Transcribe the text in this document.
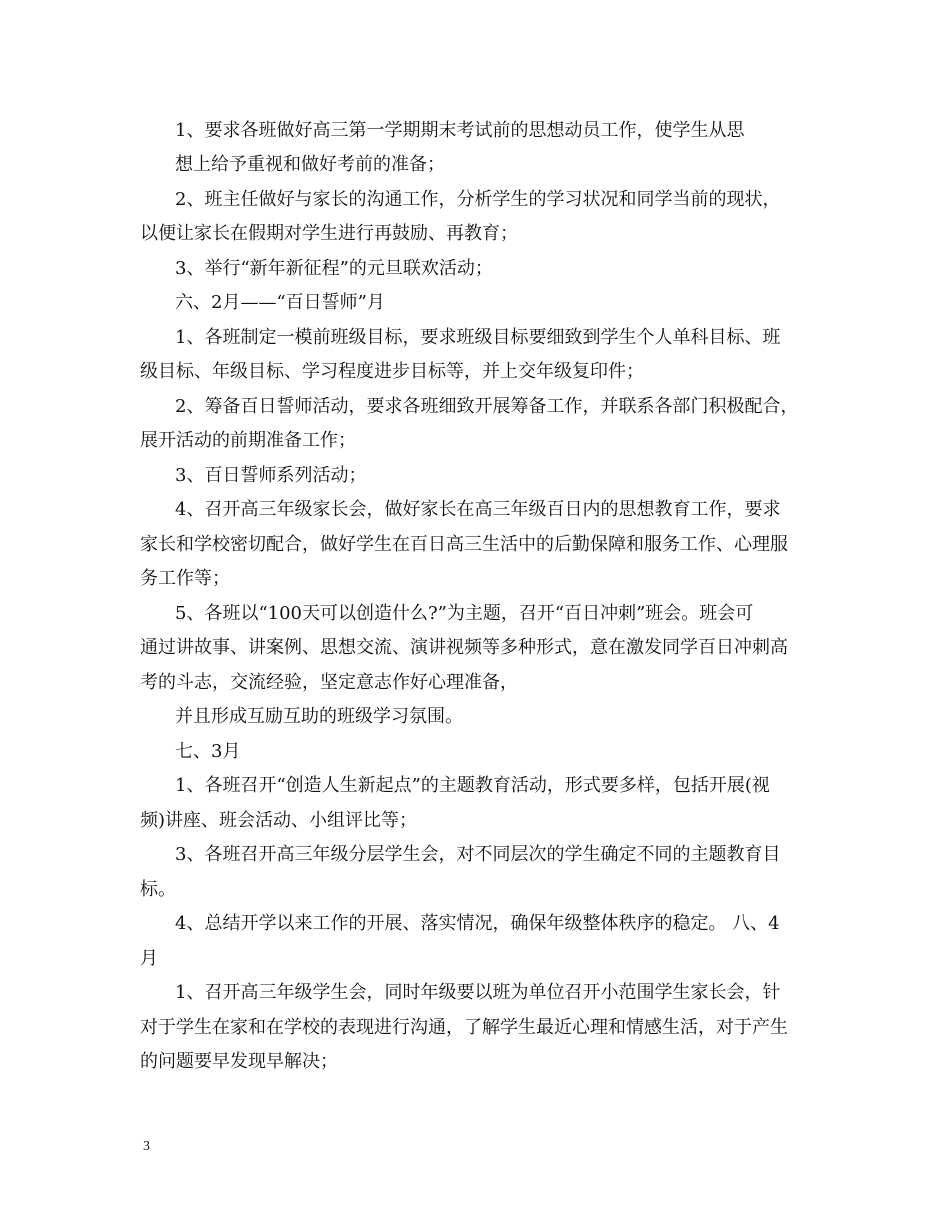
1、要求各班做好高三第一学期期末考试前的思想动员工作，使学生从思
想上给予重视和做好考前的准备；
2、班主任做好与家长的沟通工作，分析学生的学习状况和同学当前的现状，
以便让家长在假期对学生进行再鼓励、再教育；
3、举行“新年新征程”的元旦联欢活动；
六、2月——“百日誓师”月
1、各班制定一模前班级目标，要求班级目标要细致到学生个人单科目标、班
级目标、年级目标、学习程度进步目标等，并上交年级复印件；
2、筹备百日誓师活动，要求各班细致开展筹备工作，并联系各部门积极配合，
展开活动的前期准备工作；
3、百日誓师系列活动；
4、召开高三年级家长会，做好家长在高三年级百日内的思想教育工作，要求
家长和学校密切配合，做好学生在百日高三生活中的后勤保障和服务工作、心理服
务工作等；
5、各班以“100天可以创造什么?”为主题，召开“百日冲刺”班会。班会可
通过讲故事、讲案例、思想交流、演讲视频等多种形式，意在激发同学百日冲刺高
考的斗志，交流经验，坚定意志作好心理准备，
并且形成互励互助的班级学习氛围。
七、3月
1、各班召开“创造人生新起点”的主题教育活动，形式要多样，包括开展(视
频)讲座、班会活动、小组评比等；
3、各班召开高三年级分层学生会，对不同层次的学生确定不同的主题教育目
标。
4、总结开学以来工作的开展、落实情况，确保年级整体秩序的稳定。 八、4
月
1、召开高三年级学生会，同时年级要以班为单位召开小范围学生家长会，针
对于学生在家和在学校的表现进行沟通，了解学生最近心理和情感生活，对于产生
的问题要早发现早解决；
3
